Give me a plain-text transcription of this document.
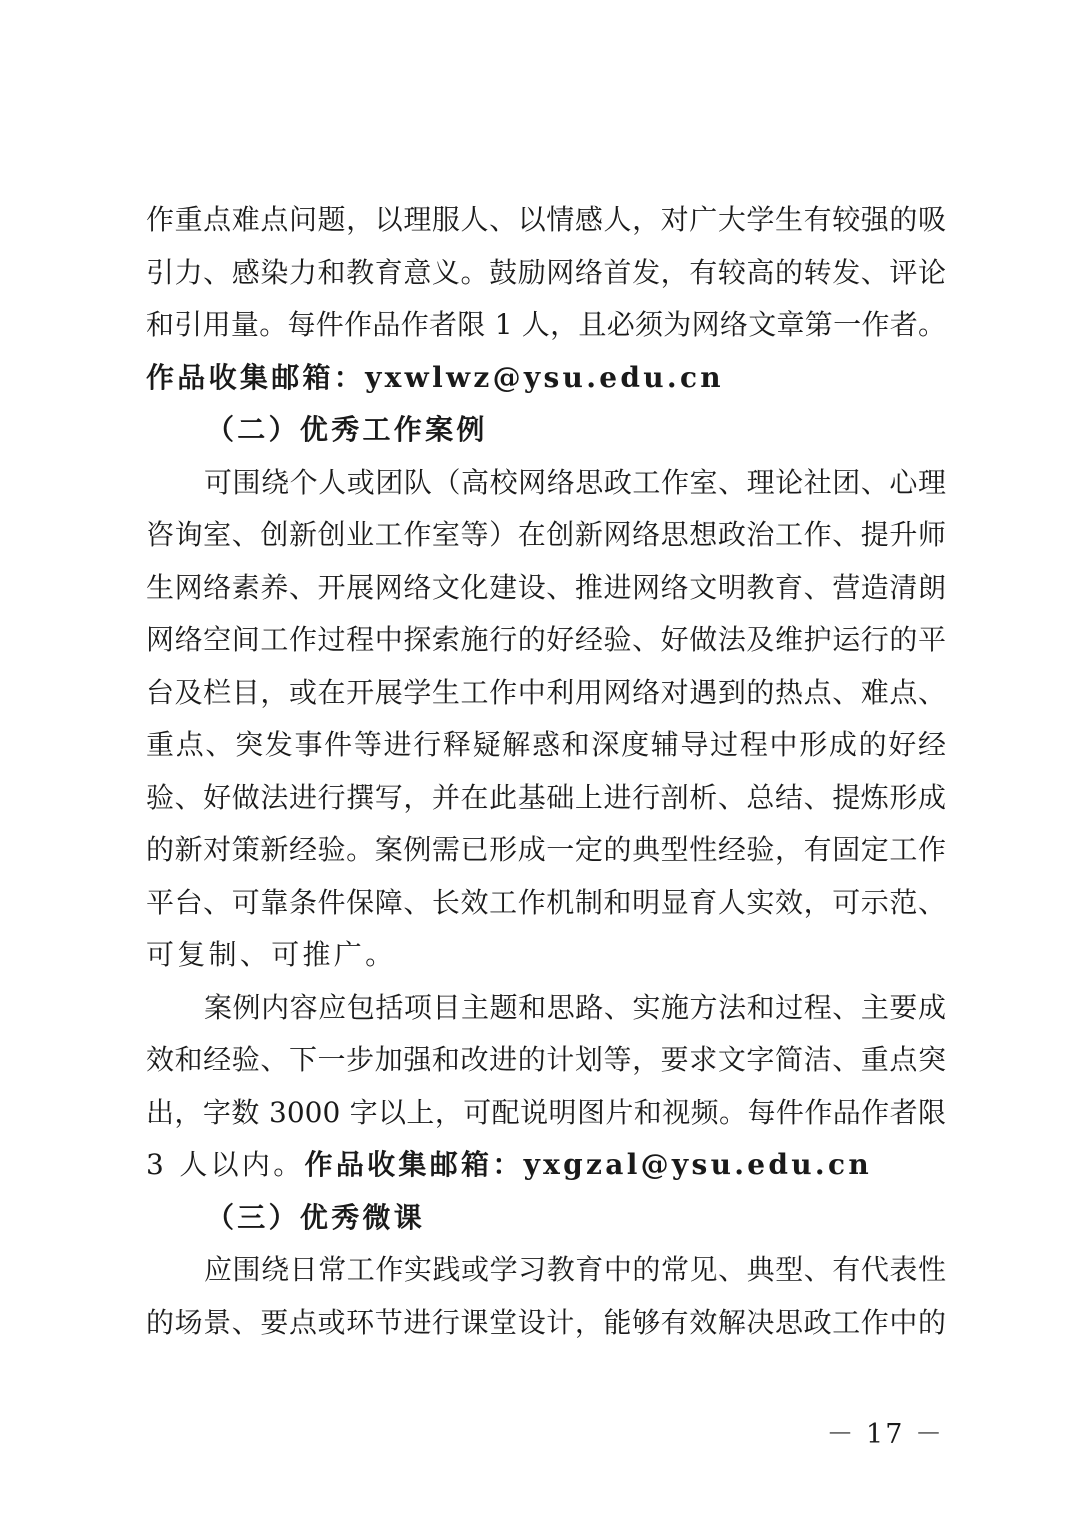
作重点难点问题，以理服人、以情感人，对广大学生有较强的吸
引力、感染力和教育意义。鼓励网络首发，有较高的转发、评论
和引用量。每件作品作者限 1 人，且必须为网络文章第一作者。
作品收集邮箱：yxwlwz@ysu.edu.cn
（二）优秀工作案例
可围绕个人或团队（高校网络思政工作室、理论社团、心理
咨询室、创新创业工作室等）在创新网络思想政治工作、提升师
生网络素养、开展网络文化建设、推进网络文明教育、营造清朗
网络空间工作过程中探索施行的好经验、好做法及维护运行的平
台及栏目，或在开展学生工作中利用网络对遇到的热点、难点、
重点、突发事件等进行释疑解惑和深度辅导过程中形成的好经
验、好做法进行撰写，并在此基础上进行剖析、总结、提炼形成
的新对策新经验。案例需已形成一定的典型性经验，有固定工作
平台、可靠条件保障、长效工作机制和明显育人实效，可示范、
可复制、可推广。
案例内容应包括项目主题和思路、实施方法和过程、主要成
效和经验、下一步加强和改进的计划等，要求文字简洁、重点突
出，字数 3000 字以上，可配说明图片和视频。每件作品作者限
3 人以内。作品收集邮箱：yxgzal@ysu.edu.cn
（三）优秀微课
应围绕日常工作实践或学习教育中的常见、典型、有代表性
的场景、要点或环节进行课堂设计，能够有效解决思政工作中的
－ 17 －
